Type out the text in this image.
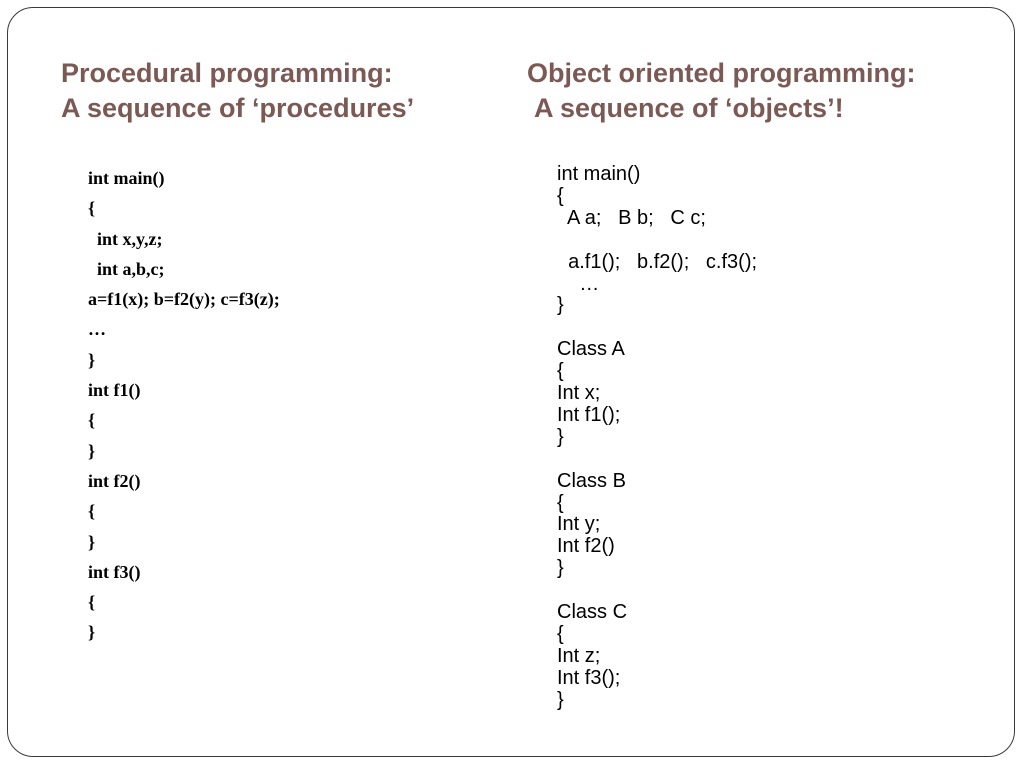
Procedural programming:
A sequence of ‘procedures’
Object oriented programming:
A sequence of ‘objects’!
int main()
{
int x,y,z;
int a,b,c;
a=f1(x); b=f2(y); c=f3(z);
…
}
int f1()
{
}
int f2()
{
}
int f3()
{
}
int main()
{
A a;   B b;   C c;
a.f1();   b.f2();   c.f3();
…
}
Class A
{
Int x;
Int f1();
}
Class B
{
Int y;
Int f2()
}
Class C
{
Int z;
Int f3();
}
